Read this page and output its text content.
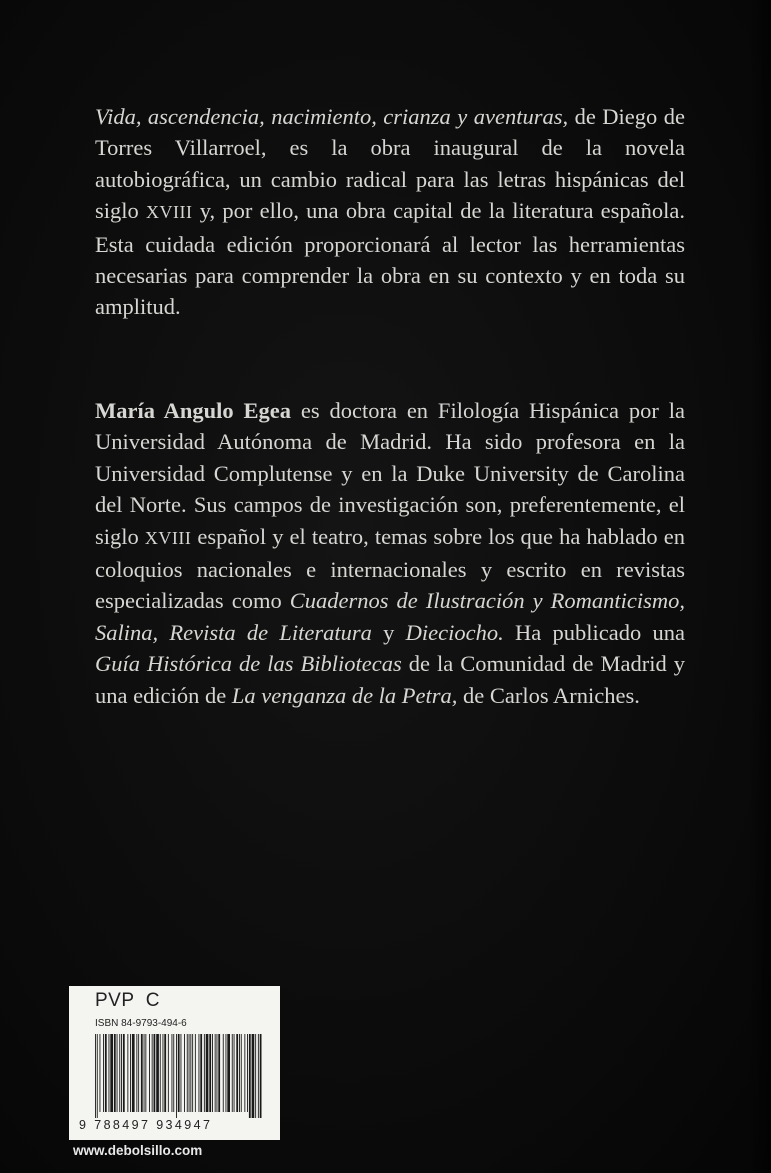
Vida, ascendencia, nacimiento, crianza y aventuras, de Diego de Torres Villarroel, es la obra inaugural de la novela autobiográfica, un cambio radical para las letras hispánicas del siglo XVIII y, por ello, una obra capital de la literatura española. Esta cuidada edición proporcionará al lector las herramientas necesarias para comprender la obra en su contexto y en toda su amplitud.

María Angulo Egea es doctora en Filología Hispánica por la Universidad Autónoma de Madrid. Ha sido profesora en la Universidad Complutense y en la Duke University de Carolina del Norte. Sus campos de investigación son, preferentemente, el siglo XVIII español y el teatro, temas sobre los que ha hablado en coloquios nacionales e internacionales y escrito en revistas especializadas como Cuadernos de Ilustración y Romanticismo, Salina, Revista de Literatura y Dieciocho. Ha publicado una Guía Histórica de las Bibliotecas de la Comunidad de Madrid y una edición de La venganza de la Petra, de Carlos Arniches.

PVP  C
ISBN 84-9793-494-6
9 788497 934947
www.debolsillo.com
